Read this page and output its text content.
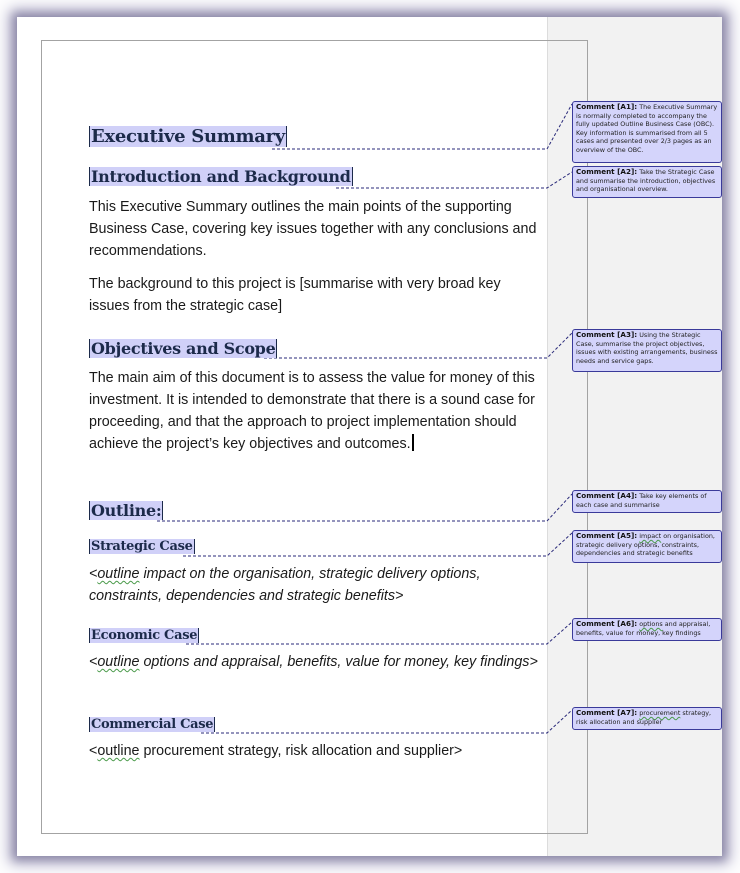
Executive Summary
Introduction and Background
This Executive Summary outlines the main points of the supporting Business Case, covering key issues together with any conclusions and recommendations.
The background to this project is [summarise with very broad key issues from the strategic case]
Objectives and Scope
The main aim of this document is to assess the value for money of this investment. It is intended to demonstrate that there is a sound case for proceeding, and that the approach to project implementation should achieve the project’s key objectives and outcomes.
Outline:
Strategic Case
<outline impact on the organisation, strategic delivery options, constraints, dependencies and strategic benefits>
Economic Case
<outline options and appraisal, benefits, value for money, key findings>
Commercial Case
<outline procurement strategy, risk allocation and supplier>
Comment [A1]: The Executive Summary is normally completed to accompany the fully updated Outline Business Case (OBC). Key information is summarised from all 5 cases and presented over 2/3 pages as an overview of the OBC.
Comment [A2]: Take the Strategic Case and summarise the introduction, objectives and organisational overview.
Comment [A3]: Using the Strategic Case, summarise the project objectives, issues with existing arrangements, business needs and service gaps.
Comment [A4]: Take key elements of each case and summarise
Comment [A5]: impact on organisation, strategic delivery options, constraints, dependencies and strategic benefits
Comment [A6]: options and appraisal, benefits, value for money, key findings
Comment [A7]: procurement strategy, risk allocation and supplier
